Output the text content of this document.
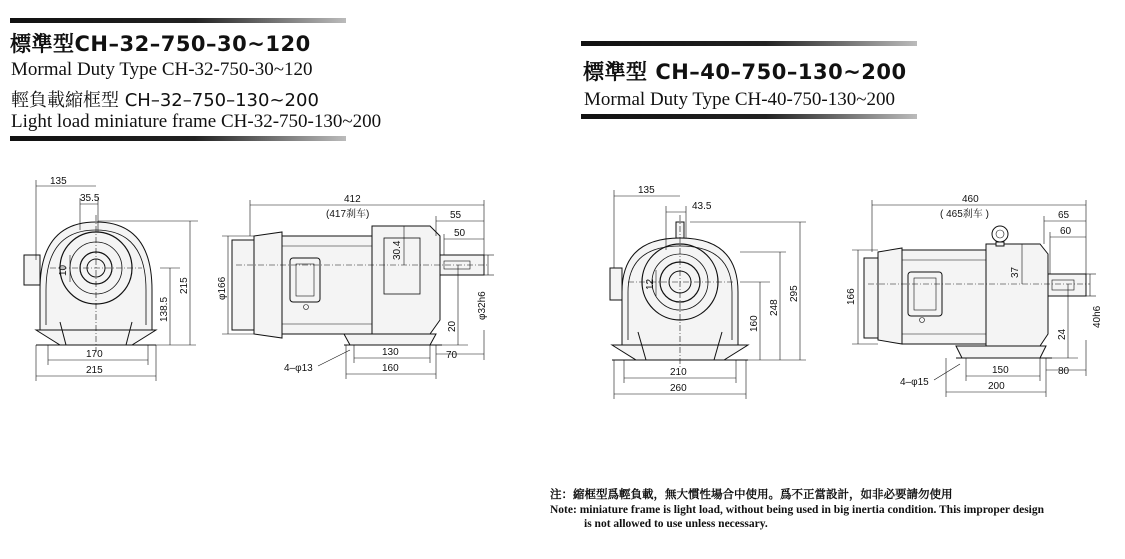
標準型CH–32–750–30~120
Mormal Duty Type CH-32-750-30~120
輕負載縮框型 CH–32–750–130~200
Light load miniature frame CH-32-750-130~200
標準型 CH–40–750–130~200
Mormal Duty Type CH-40-750-130~200
135
35.5
10
215
138.5
170
215
412
(417刹车)	55
50
30.4
φ166
φ32h6
20
130	70
160
4–φ13
135
43.5
12
295
248
160
210
260
460
( 465刹车 )	65
60
37
166
40h6
24
150	80
200
4–φ15
注：縮框型爲輕負載，無大慣性場合中使用。爲不正當設計，如非必要請勿使用
Note: miniature frame is light load, without being used in big inertia condition. This improper design
is not allowed to use unless necessary.
